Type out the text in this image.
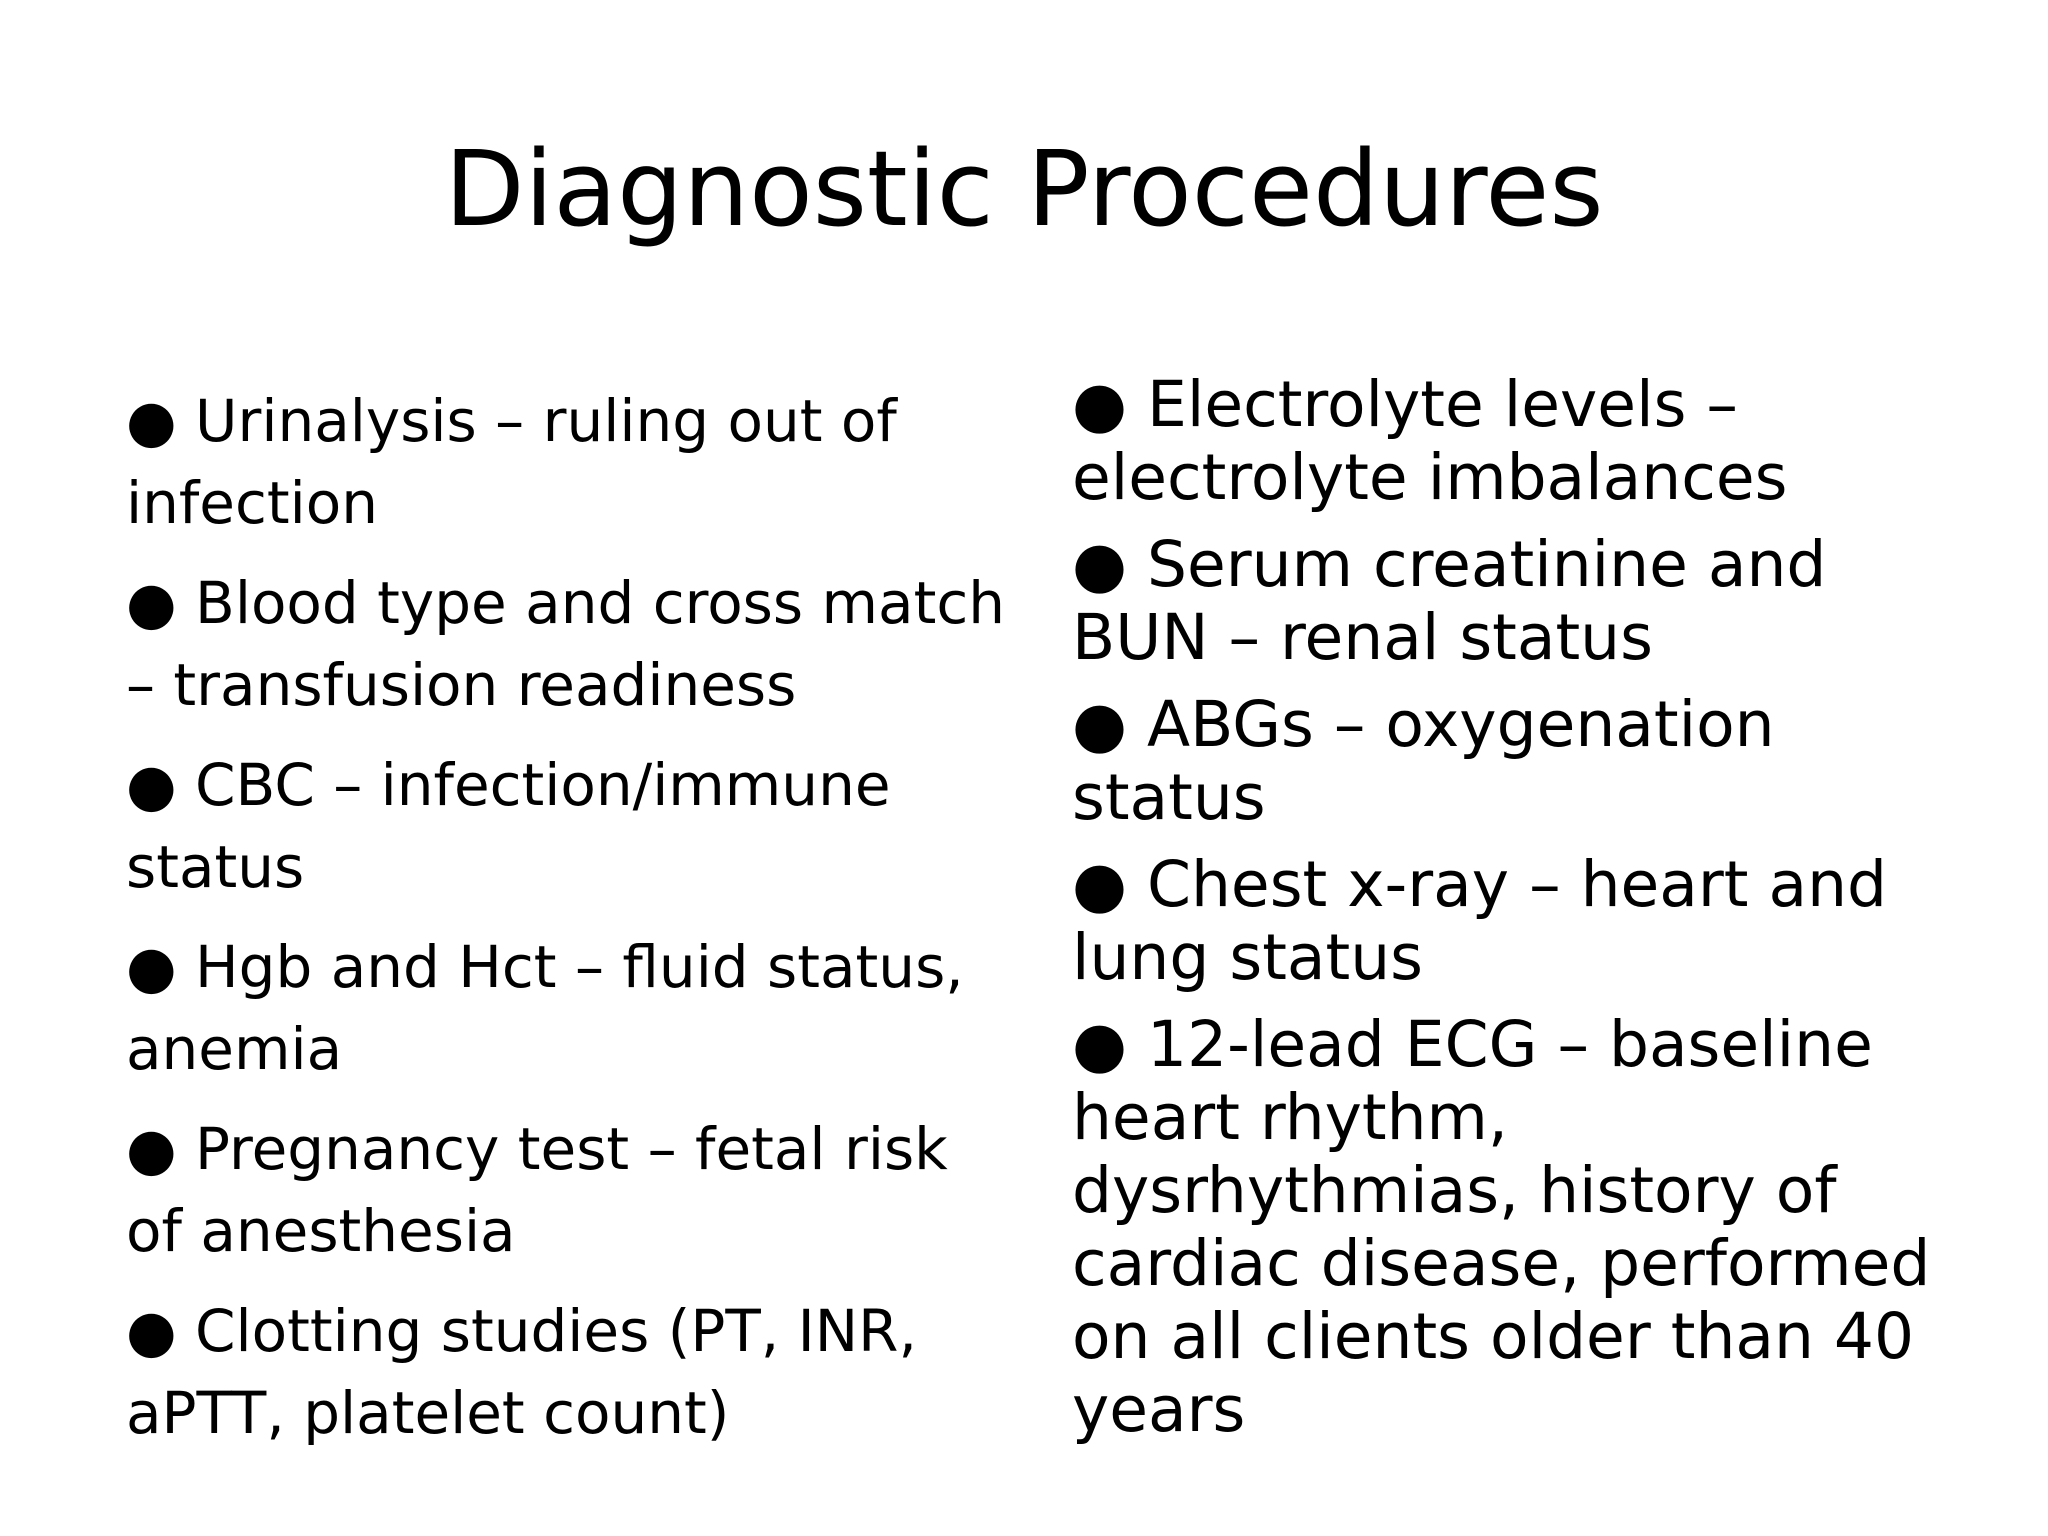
Diagnostic Procedures
● Urinalysis – ruling out of infection
● Blood type and cross match – transfusion readiness
● CBC – infection/immune status
● Hgb and Hct – fluid status, anemia
● Pregnancy test – fetal risk of anesthesia
● Clotting studies (PT, INR, aPTT, platelet count)
● Electrolyte levels – electrolyte imbalances
● Serum creatinine and BUN – renal status
● ABGs – oxygenation status
● Chest x-ray – heart and lung status
● 12-lead ECG – baseline heart rhythm, dysrhythmias, history of cardiac disease, performed on all clients older than 40 years
